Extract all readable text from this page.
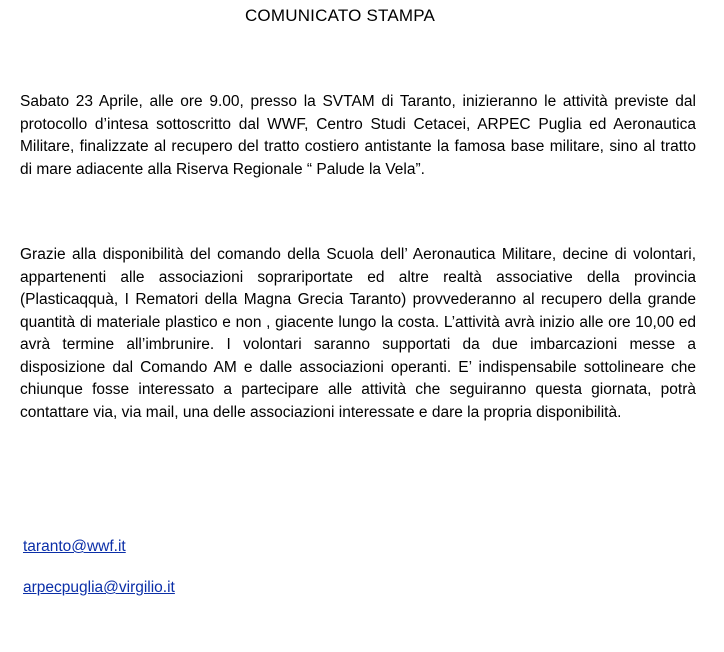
COMUNICATO STAMPA

Sabato 23 Aprile, alle ore 9.00, presso la SVTAM di Taranto, inizieranno le attività previste dal protocollo d’intesa sottoscritto dal WWF, Centro Studi Cetacei, ARPEC Puglia ed Aeronautica Militare, finalizzate al recupero del tratto costiero antistante la famosa base militare, sino al tratto di mare adiacente alla Riserva Regionale “ Palude la Vela”.

Grazie alla disponibilità del comando della Scuola dell’ Aeronautica Militare, decine di volontari, appartenenti alle associazioni soprariportate ed altre realtà associative della provincia (Plasticaqquà, I Rematori della Magna Grecia Taranto) provvederanno al recupero della grande quantità di materiale plastico e non , giacente lungo la costa. L’attività avrà inizio alle ore 10,00 ed avrà termine all’imbrunire. I volontari saranno supportati da due imbarcazioni messe a disposizione dal Comando AM e dalle associazioni operanti. E’ indispensabile sottolineare che chiunque fosse interessato a partecipare alle attività che seguiranno questa giornata, potrà contattare via, via mail, una delle associazioni interessate e dare la propria disponibilità.

taranto@wwf.it
arpecpuglia@virgilio.it
